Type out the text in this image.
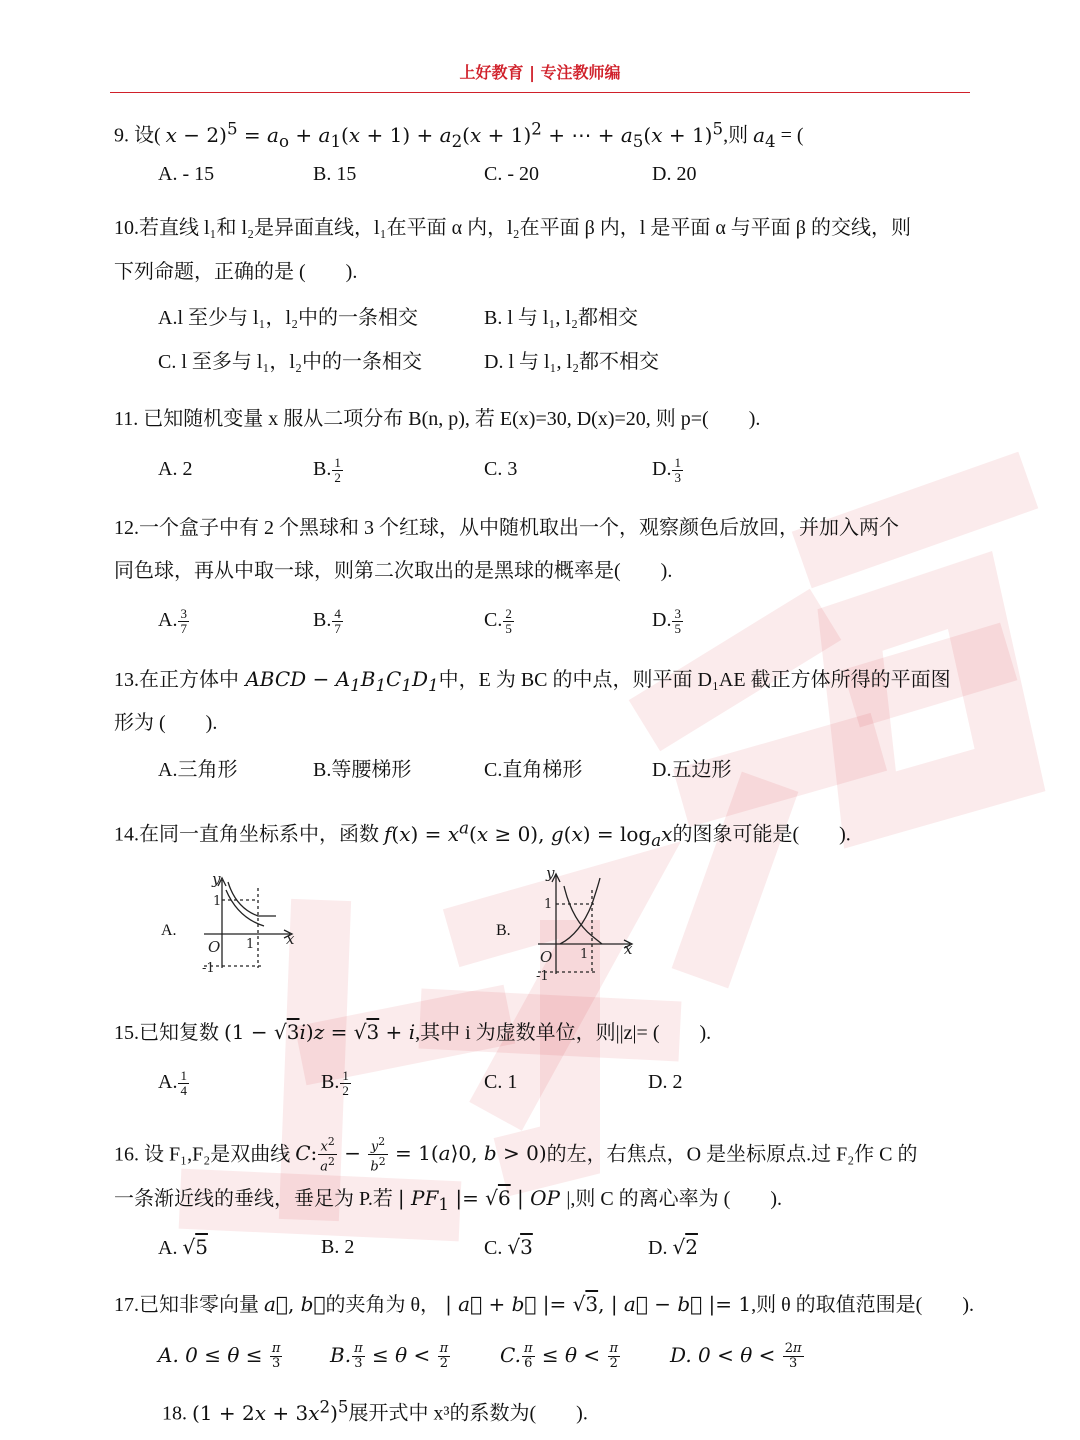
上好教育 | 专注教师编
9. 设( $x - 2)^5 = a_o + a_1(x + 1) + a_2(x + 1)^2$ + ⋯ + $a_5(x + 1)^5$,则 $a_4$ = (
A. - 15	B. 15	C. - 20	D. 20
10.若直线 l₁和 l₂是异面直线，l₁在平面 α 内，l₂在平面 β 内，l 是平面 α 与平面 β 的交线，则
下列命题，正确的是 (　　).
A.l 至少与 l₁，l₂中的一条相交	B. l 与 l₁, l₂都相交
C. l 至多与 l₁，l₂中的一条相交	D. l 与 l₁, l₂都不相交
11. 已知随机变量 x 服从二项分布 B(n, p), 若 E(x)=30, D(x)=20, 则 p=(　　).
A. 2	B. $\frac{1}{2}$	C. 3	D. $\frac{1}{3}$
12.一个盒子中有 2 个黑球和 3 个红球，从中随机取出一个，观察颜色后放回，并加入两个
同色球，再从中取一球，则第二次取出的是黑球的概率是(　　).
A. $\frac{3}{7}$	B. $\frac{4}{7}$	C. $\frac{2}{5}$	D. $\frac{3}{5}$
13.在正方体中 ABCD − $A_1B_1C_1D_1$中，E 为 BC 的中点，则平面 D₁AE 截正方体所得的平面图
形为 (　　).
A.三角形	B.等腰梯形	C.直角梯形	D.五边形
14.在同一直角坐标系中，函数 $f(x) = x^a(x \ge 0)$, $g(x) = \log_ax$的图象可能是(　　).
A.
y
x
O
1
1
-1
B.
y
x
O
1
1
-1
15.已知复数 (1 − √3i)z = √3 + i,其中 i 为虚数单位，则||z|= (　　).
A. $\frac{1}{4}$	B. $\frac{1}{2}$	C. 1	D. 2
16. 设 F₁,F₂是双曲线 C: $\frac{x^2}{a^2} - \frac{y^2}{b^2}$ = 1(a⟩0, b > 0)的左，右焦点，O 是坐标原点.过 F₂作 C 的
一条渐近线的垂线，垂足为 P.若 | $PF_1$ |= √6 | OP |,则 C 的离心率为 (　　).
A. √5	B. 2	C. √3	D. √2
17.已知非零向量 a⃗, b⃗的夹角为 θ， | a⃗ + b⃗ |= √3, | a⃗ − b⃗ |= 1,则 θ 的取值范围是(　　).
A. $0 \le \theta \le \frac{\pi}{3} B$. $\frac{\pi}{3} \le \theta < \frac{\pi}{2} C$. $\frac{\pi}{6} \le \theta < \frac{\pi}{2} D$. $0 < \theta < \frac{2\pi}{3}$
18. $(1 + 2x + 3x^2)^5$展开式中 x³的系数为(　　).
